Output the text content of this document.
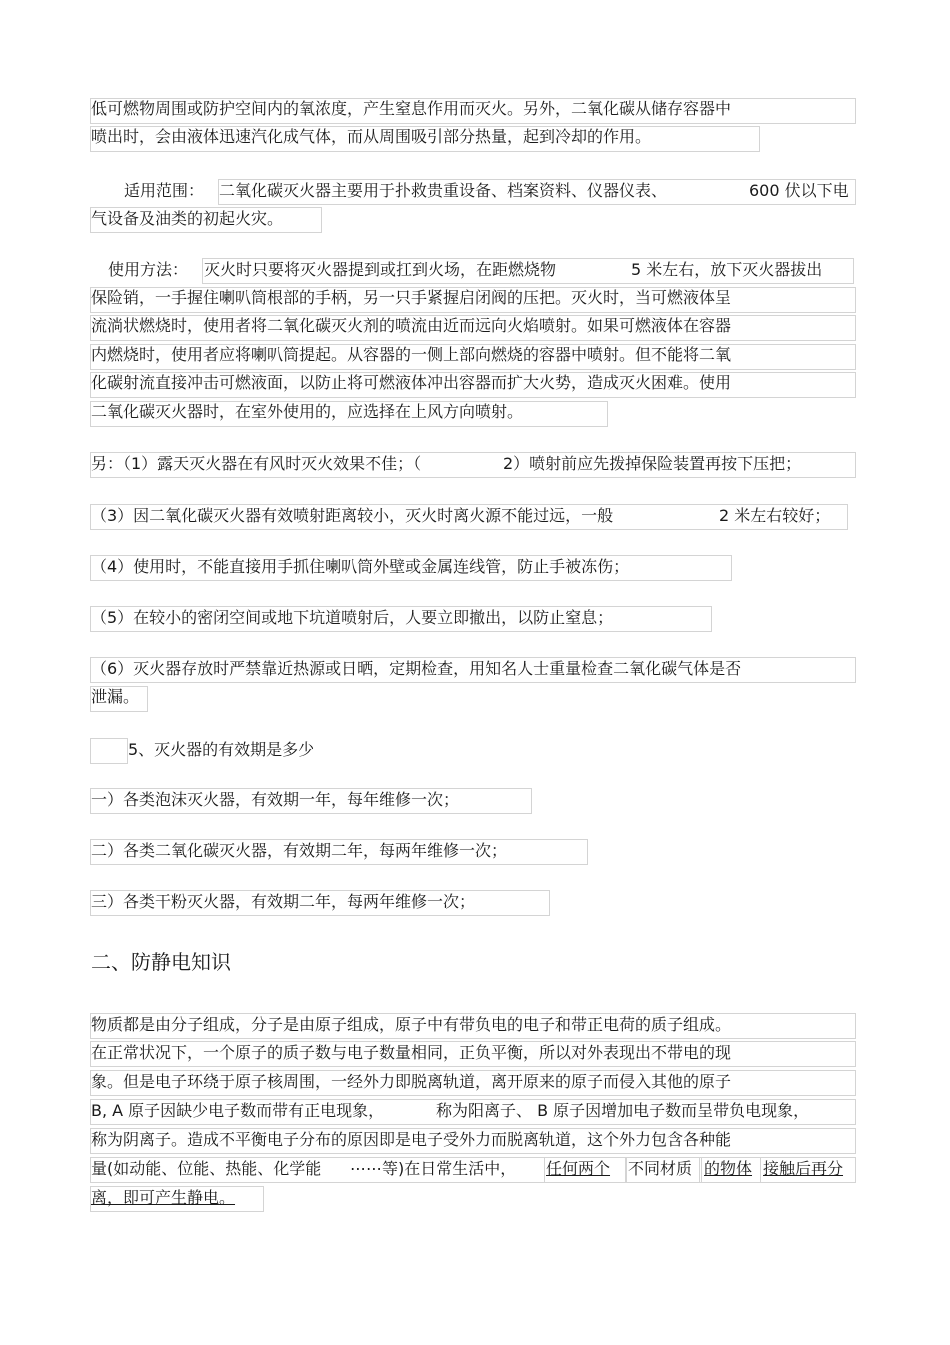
低可燃物周围或防护空间内的氧浓度，产生窒息作用而灭火。另外，二氧化碳从储存容器中
喷出时，会由液体迅速汽化成气体，而从周围吸引部分热量，起到冷却的作用。
适用范围： 二氧化碳灭火器主要用于扑救贵重设备、档案资料、仪器仪表、	600 伏以下电
气设备及油类的初起火灾。
使用方法： 灭火时只要将灭火器提到或扛到火场，在距燃烧物	5 米左右，放下灭火器拔出
保险销，一手握住喇叭筒根部的手柄，另一只手紧握启闭阀的压把。灭火时，当可燃液体呈
流淌状燃烧时，使用者将二氧化碳灭火剂的喷流由近而远向火焰喷射。如果可燃液体在容器
内燃烧时，使用者应将喇叭筒提起。从容器的一侧上部向燃烧的容器中喷射。但不能将二氧
化碳射流直接冲击可燃液面，以防止将可燃液体冲出容器而扩大火势，造成灭火困难。使用
二氧化碳灭火器时，在室外使用的，应选择在上风方向喷射。
另：（1）露天灭火器在有风时灭火效果不佳；（	2）喷射前应先拨掉保险装置再按下压把；
（3）因二氧化碳灭火器有效喷射距离较小，灭火时离火源不能过远，一般	2 米左右较好；
（4）使用时，不能直接用手抓住喇叭筒外壁或金属连线管，防止手被冻伤；
（5）在较小的密闭空间或地下坑道喷射后，人要立即撤出，以防止窒息；
（6）灭火器存放时严禁靠近热源或日晒，定期检查，用知名人士重量检查二氧化碳气体是否
泄漏。
5、灭火器的有效期是多少
一）各类泡沫灭火器，有效期一年，每年维修一次；
二）各类二氧化碳灭火器，有效期二年，每两年维修一次；
三）各类干粉灭火器，有效期二年，每两年维修一次；
二、防静电知识
物质都是由分子组成，分子是由原子组成，原子中有带负电的电子和带正电荷的质子组成。
在正常状况下，一个原子的质子数与电子数量相同，正负平衡，所以对外表现出不带电的现
象。但是电子环绕于原子核周围，一经外力即脱离轨道，离开原来的原子而侵入其他的原子
B, A 原子因缺少电子数而带有正电现象，	称为阳离子、 B 原子因增加电子数而呈带负电现象，
称为阴离子。造成不平衡电子分布的原因即是电子受外力而脱离轨道，这个外力包含各种能
量(如动能、位能、热能、化学能 ⋯⋯等)在日常生活中， 任何两个 不同材质 的物体 接触后再分
离，即可产生静电。
